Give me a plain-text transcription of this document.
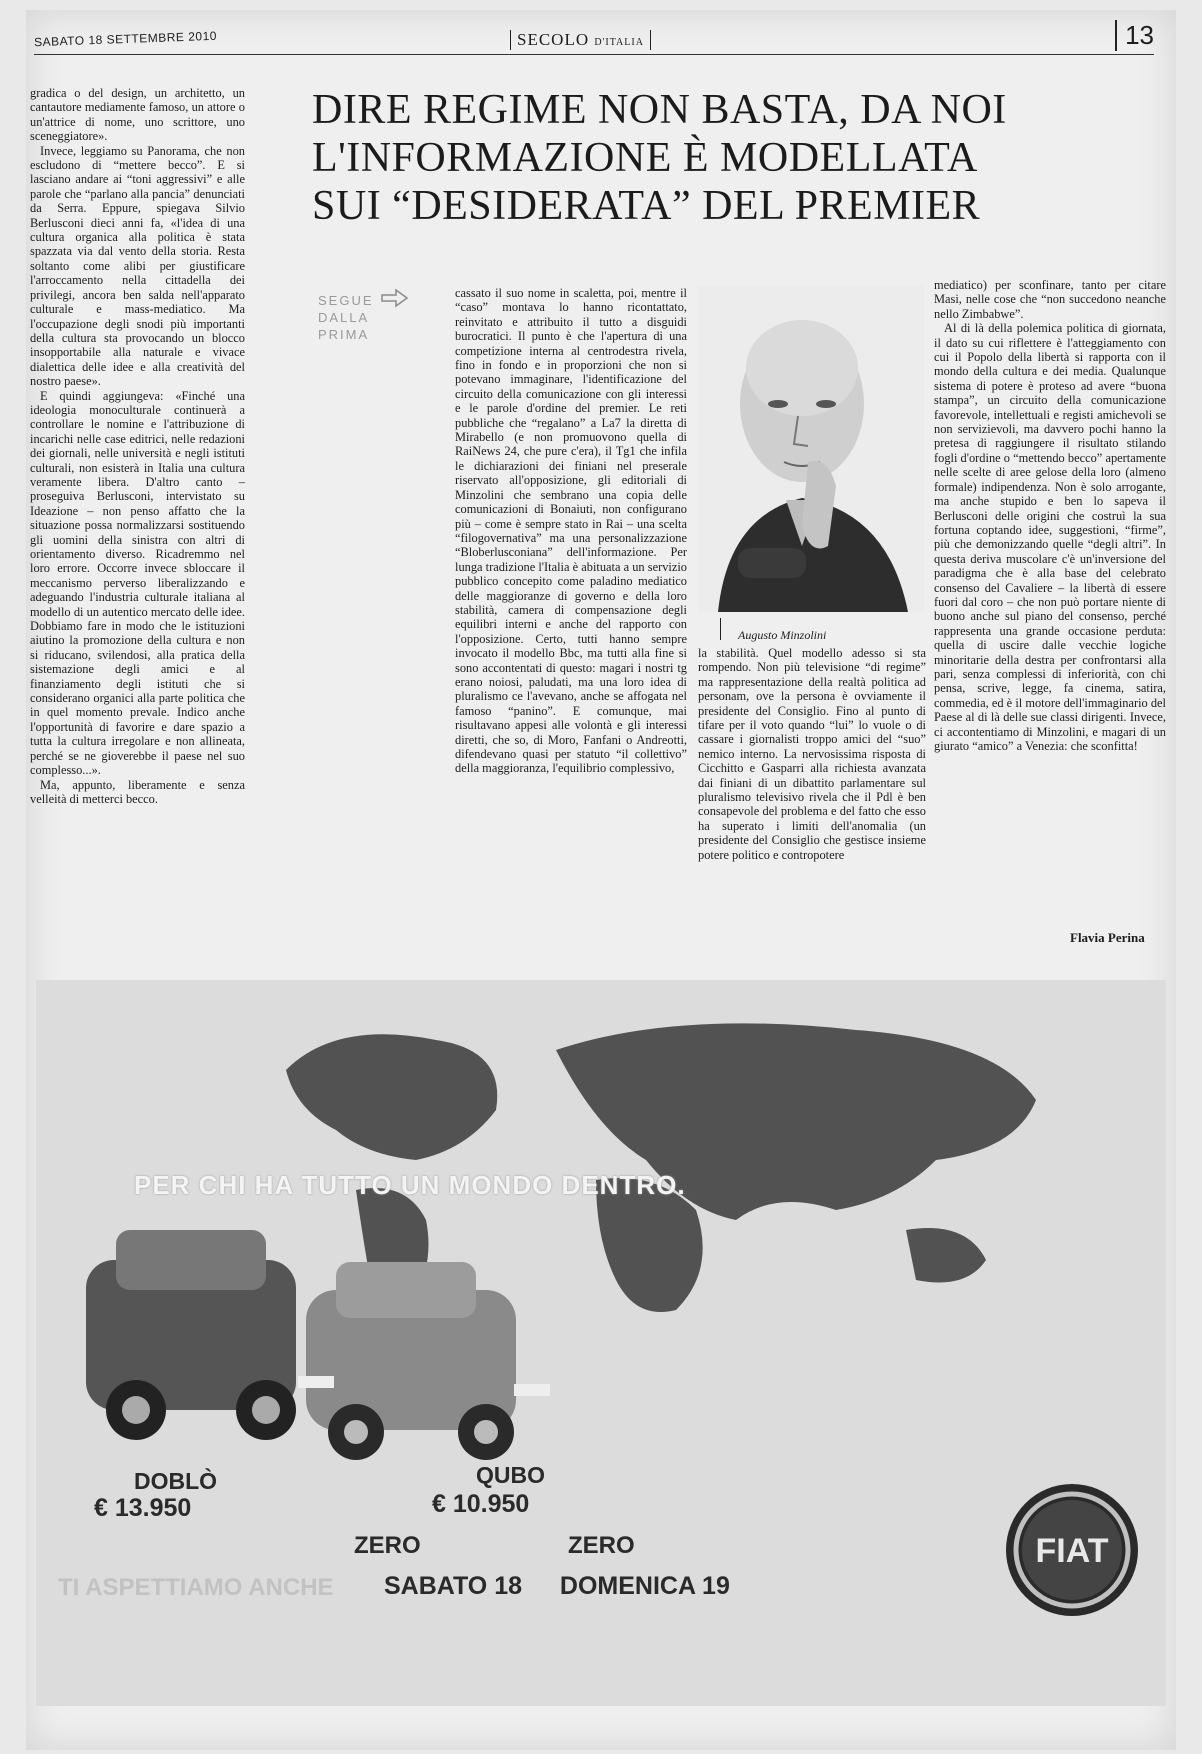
SABATO 18 SETTEMBRE 2010	SECOLO D'ITALIA	13
DIRE REGIME NON BASTA, DA NOI
L'INFORMAZIONE È MODELLATA
SUI “DESIDERATA” DEL PREMIER
SEGUE
DALLA
PRIMA

gradica o del design, un architetto, un cantautore mediamente famoso, un attore o un'attrice di nome, uno scrittore, uno sceneggiatore».

Invece, leggiamo su Panorama, che non escludono di “mettere becco”. E si lasciano andare ai “toni aggressivi” e alle parole che “parlano alla pancia” denunciati da Serra. Eppure, spiegava Silvio Berlusconi dieci anni fa, «l'idea di una cultura organica alla politica è stata spazzata via dal vento della storia. Resta soltanto come alibi per giustificare l'arroccamento nella cittadella dei privilegi, ancora ben salda nell'apparato culturale e mass-mediatico. Ma l'occupazione degli snodi più importanti della cultura sta provocando un blocco insopportabile alla naturale e vivace dialettica delle idee e alla creatività del nostro paese».

E quindi aggiungeva: «Finché una ideologia monoculturale continuerà a controllare le nomine e l'attribuzione di incarichi nelle case editrici, nelle redazioni dei giornali, nelle università e negli istituti culturali, non esisterà in Italia una cultura veramente libera. D'altro canto – proseguiva Berlusconi, intervistato su Ideazione – non penso affatto che la situazione possa normalizzarsi sostituendo gli uomini della sinistra con altri di orientamento diverso. Ricadremmo nel loro errore. Occorre invece sbloccare il meccanismo perverso liberalizzando e adeguando l'industria culturale italiana al modello di un autentico mercato delle idee. Dobbiamo fare in modo che le istituzioni aiutino la promozione della cultura e non si riducano, svilendosi, alla pratica della sistemazione degli amici e al finanziamento degli istituti che si considerano organici alla parte politica che in quel momento prevale. Indico anche l'opportunità di favorire e dare spazio a tutta la cultura irregolare e non allineata, perché se ne gioverebbe il paese nel suo complesso...».

Ma, appunto, liberamente e senza velleità di metterci becco.

cassato il suo nome in scaletta, poi, mentre il “caso” montava lo hanno ricontattato, reinvitato e attribuito il tutto a disguidi burocratici. Il punto è che l'apertura di una competizione interna al centrodestra rivela, fino in fondo e in proporzioni che non si potevano immaginare, l'identificazione del circuito della comunicazione con gli interessi e le parole d'ordine del premier. Le reti pubbliche che “regalano” a La7 la diretta di Mirabello (e non promuovono quella di RaiNews 24, che pure c'era), il Tg1 che infila le dichiarazioni dei finiani nel preserale riservato all'opposizione, gli editoriali di Minzolini che sembrano una copia delle comunicazioni di Bonaiuti, non configurano più – come è sempre stato in Rai – una scelta “filogovernativa” ma una personalizzazione “Bloberlusconiana” dell'informazione. Per lunga tradizione l'Italia è abituata a un servizio pubblico concepito come paladino mediatico delle maggioranze di governo e della loro stabilità, camera di compensazione degli equilibri interni e anche del rapporto con l'opposizione. Certo, tutti hanno sempre invocato il modello Bbc, ma tutti alla fine si sono accontentati di questo: magari i nostri tg erano noiosi, paludati, ma una loro idea di pluralismo ce l'avevano, anche se affogata nel famoso “panino”. E comunque, mai risultavano appesi alle volontà e gli interessi diretti, che so, di Moro, Fanfani o Andreotti, difendevano quasi per statuto “il collettivo” della maggioranza, l'equilibrio complessivo,

Augusto Minzolini

la stabilità. Quel modello adesso si sta rompendo. Non più televisione “di regime” ma rappresentazione della realtà politica ad personam, ove la persona è ovviamente il presidente del Consiglio. Fino al punto di tifare per il voto quando “lui” lo vuole o di cassare i giornalisti troppo amici del “suo” nemico interno. La nervosissima risposta di Cicchitto e Gasparri alla richiesta avanzata dai finiani di un dibattito parlamentare sul pluralismo televisivo rivela che il Pdl è ben consapevole del problema e del fatto che esso ha superato i limiti dell'anomalia (un presidente del Consiglio che gestisce insieme potere politico e contropotere

mediatico) per sconfinare, tanto per citare Masi, nelle cose che “non succedono neanche nello Zimbabwe”.

Al di là della polemica politica di giornata, il dato su cui riflettere è l'atteggiamento con cui il Popolo della libertà si rapporta con il mondo della cultura e dei media. Qualunque sistema di potere è proteso ad avere “buona stampa”, un circuito della comunicazione favorevole, intellettuali e registi amichevoli se non servizievoli, ma davvero pochi hanno la pretesa di raggiungere il risultato stilando fogli d'ordine o “mettendo becco” apertamente nelle scelte di aree gelose della loro (almeno formale) indipendenza. Non è solo arrogante, ma anche stupido e ben lo sapeva il Berlusconi delle origini che costruì la sua fortuna coptando idee, suggestioni, “firme”, più che demonizzando quelle “degli altri”. In questa deriva muscolare c'è un'inversione del paradigma che è alla base del celebrato consenso del Cavaliere – la libertà di essere fuori dal coro – che non può portare niente di buono anche sul piano del consenso, perché rappresenta una grande occasione perduta: quella di uscire dalle vecchie logiche minoritarie della destra per confrontarsi alla pari, senza complessi di inferiorità, con chi pensa, scrive, legge, fa cinema, satira, commedia, ed è il motore dell'immaginario del Paese al di là delle sue classi dirigenti. Invece, ci accontentiamo di Minzolini, e magari di un giurato “amico” a Venezia: che sconfitta!

Flavia Perina
PER CHI HA TUTTO UN MONDO DENTRO.
DOBLÒ
€ 13.950
QUBO
€ 10.950
ZERO	ZERO
TI ASPETTIAMO ANCHE SABATO 18 DOMENICA 19
FIAT
